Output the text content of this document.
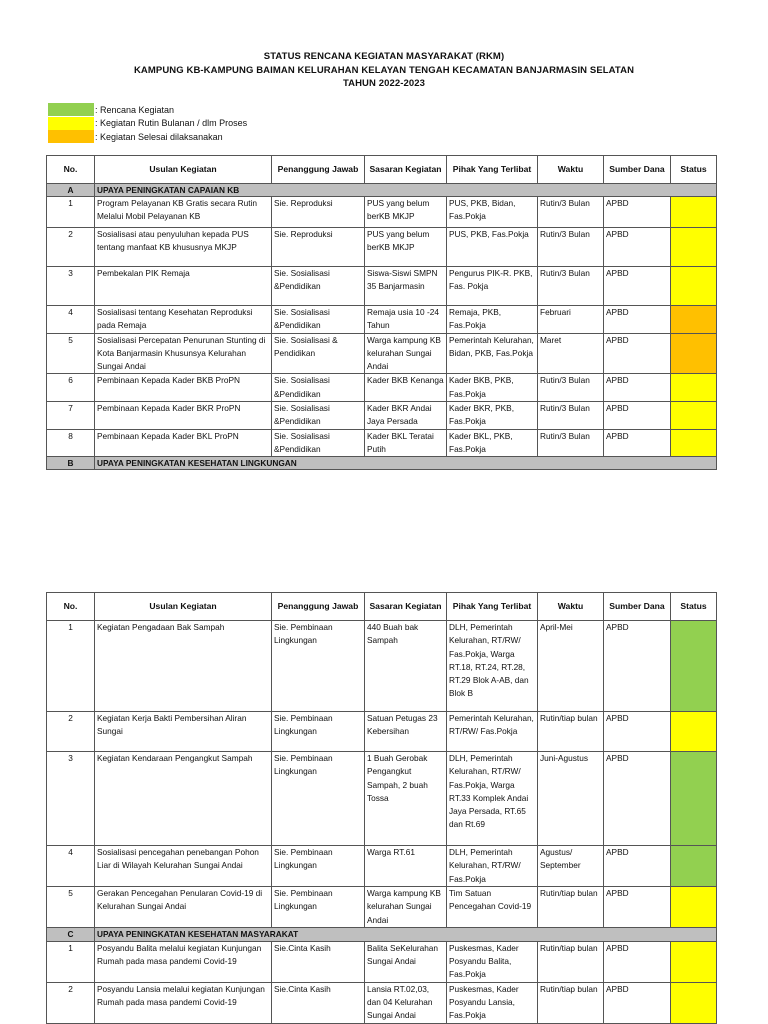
STATUS RENCANA KEGIATAN MASYARAKAT (RKM)
KAMPUNG KB-KAMPUNG BAIMAN KELURAHAN KELAYAN TENGAH KECAMATAN BANJARMASIN SELATAN
TAHUN 2022-2023
: Rencana Kegiatan
: Kegiatan Rutin Bulanan / dlm Proses
: Kegiatan Selesai dilaksanakan
No.	Usulan Kegiatan	Penanggung Jawab	Sasaran Kegiatan	Pihak Yang Terlibat	Waktu	Sumber Dana	Status
A	UPAYA PENINGKATAN CAPAIAN KB						
1	Program Pelayanan KB Gratis secara Rutin Melalui Mobil Pelayanan KB	Sie. Reproduksi	PUS yang belum berKB MKJP	PUS, PKB, Bidan, Fas.Pokja	Rutin/3 Bulan	APBD	
2	Sosialisasi atau penyuluhan kepada PUS tentang manfaat KB khususnya MKJP	Sie. Reproduksi	PUS yang belum berKB MKJP	PUS, PKB, Fas.Pokja	Rutin/3 Bulan	APBD	
3	Pembekalan PIK Remaja	Sie. Sosialisasi &Pendidikan	Siswa-Siswi SMPN 35 Banjarmasin	Pengurus PIK-R. PKB, Fas. Pokja	Rutin/3 Bulan	APBD	
4	Sosialisasi tentang Kesehatan Reproduksi pada Remaja	Sie. Sosialisasi &Pendidikan	Remaja usia 10 -24 Tahun	Remaja, PKB, Fas.Pokja	Februari	APBD	
5	Sosialisasi Percepatan Penurunan Stunting di Kota Banjarmasin Khusunsya Kelurahan Sungai Andai	Sie. Sosialisasi & Pendidikan	Warga kampung KB kelurahan Sungai Andai	Pemerintah Kelurahan, Bidan, PKB, Fas.Pokja	Maret	APBD	
6	Pembinaan Kepada Kader BKB ProPN	Sie. Sosialisasi &Pendidikan	Kader BKB Kenanga	Kader BKB, PKB, Fas.Pokja	Rutin/3 Bulan	APBD	
7	Pembinaan Kepada Kader BKR ProPN	Sie. Sosialisasi &Pendidikan	Kader BKR Andai Jaya Persada	Kader BKR, PKB, Fas.Pokja	Rutin/3 Bulan	APBD	
8	Pembinaan Kepada Kader BKL ProPN	Sie. Sosialisasi &Pendidikan	Kader BKL Teratai Putih	Kader BKL, PKB, Fas.Pokja	Rutin/3 Bulan	APBD	
B	UPAYA PENINGKATAN KESEHATAN LINGKUNGAN						
No.	Usulan Kegiatan	Penanggung Jawab	Sasaran Kegiatan	Pihak Yang Terlibat	Waktu	Sumber Dana	Status
1	Kegiatan Pengadaan Bak Sampah	Sie. Pembinaan Lingkungan	440 Buah bak Sampah	DLH, Pemerintah Kelurahan, RT/RW/ Fas.Pokja, Warga RT.18, RT.24, RT.28, RT.29 Blok A-AB, dan Blok B	April-Mei	APBD	
2	Kegiatan Kerja Bakti Pembersihan Aliran Sungai	Sie. Pembinaan Lingkungan	Satuan Petugas 23 Kebersihan	Pemerintah Kelurahan, RT/RW/ Fas.Pokja	Rutin/tiap bulan	APBD	
3	Kegiatan Kendaraan Pengangkut Sampah	Sie. Pembinaan Lingkungan	1 Buah Gerobak Pengangkut Sampah, 2 buah Tossa	DLH, Pemerintah Kelurahan, RT/RW/ Fas.Pokja, Warga RT.33 Komplek Andai Jaya Persada, RT.65 dan Rt.69	Juni-Agustus	APBD	
4	Sosialisasi pencegahan penebangan Pohon Liar di Wilayah Kelurahan Sungai Andai	Sie. Pembinaan Lingkungan	Warga RT.61	DLH, Pemerintah Kelurahan, RT/RW/ Fas.Pokja	Agustus/ September	APBD	
5	Gerakan Pencegahan Penularan Covid-19 di Kelurahan Sungai Andai	Sie. Pembinaan Lingkungan	Warga kampung KB kelurahan Sungai Andai	Tim Satuan Pencegahan Covid-19	Rutin/tiap bulan	APBD	
C	UPAYA PENINGKATAN KESEHATAN MASYARAKAT						
1	Posyandu Balita melalui kegiatan Kunjungan Rumah pada masa pandemi Covid-19	Sie.Cinta Kasih	Balita SeKelurahan Sungai Andai	Puskesmas, Kader Posyandu Balita, Fas.Pokja	Rutin/tiap bulan	APBD	
2	Posyandu Lansia melalui kegiatan Kunjungan Rumah pada masa pandemi Covid-19	Sie.Cinta Kasih	Lansia RT.02,03, dan 04 Kelurahan Sungai Andai	Puskesmas, Kader Posyandu Lansia, Fas.Pokja	Rutin/tiap bulan	APBD	
